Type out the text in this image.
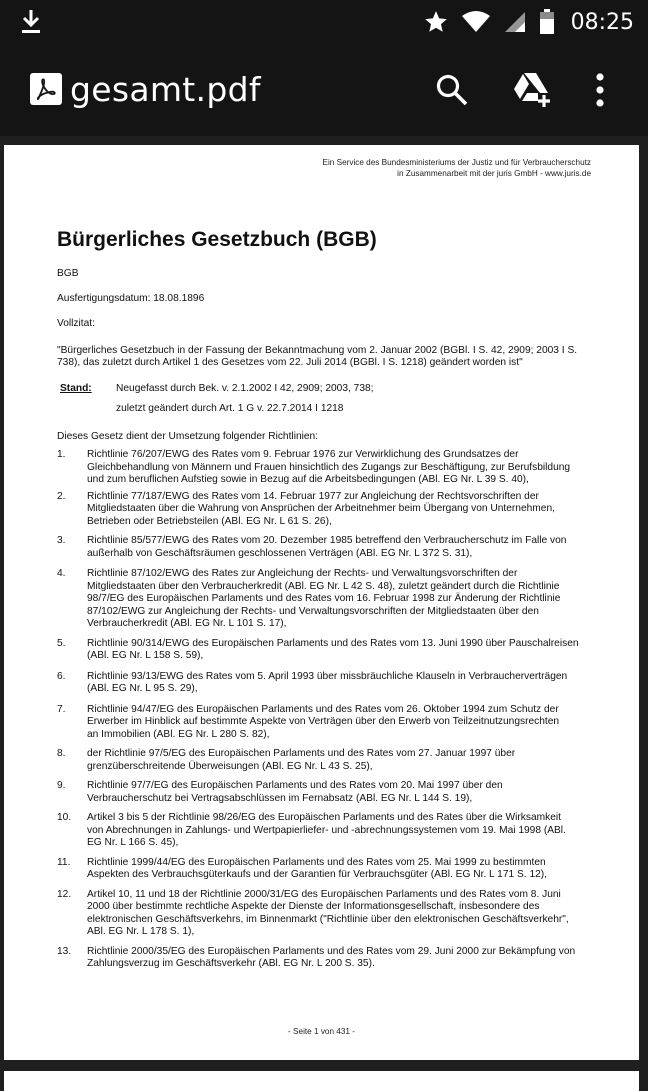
08:25
gesamt.pdf
Ein Service des Bundesministeriums der Justiz und für Verbraucherschutz
in Zusammenarbeit mit der juris GmbH - www.juris.de
Bürgerliches Gesetzbuch (BGB)
BGB
Ausfertigungsdatum: 18.08.1896
Vollzitat:
"Bürgerliches Gesetzbuch in der Fassung der Bekanntmachung vom 2. Januar 2002 (BGBl. I S. 42, 2909; 2003 I S.
738), das zuletzt durch Artikel 1 des Gesetzes vom 22. Juli 2014 (BGBl. I S. 1218) geändert worden ist"
Stand: Neugefasst durch Bek. v. 2.1.2002 I 42, 2909; 2003, 738;
zuletzt geändert durch Art. 1 G v. 22.7.2014 I 1218
Dieses Gesetz dient der Umsetzung folgender Richtlinien:
1. Richtlinie 76/207/EWG des Rates vom 9. Februar 1976 zur Verwirklichung des Grundsatzes der
Gleichbehandlung von Männern und Frauen hinsichtlich des Zugangs zur Beschäftigung, zur Berufsbildung
und zum beruflichen Aufstieg sowie in Bezug auf die Arbeitsbedingungen (ABl. EG Nr. L 39 S. 40),
2. Richtlinie 77/187/EWG des Rates vom 14. Februar 1977 zur Angleichung der Rechtsvorschriften der
Mitgliedstaaten über die Wahrung von Ansprüchen der Arbeitnehmer beim Übergang von Unternehmen,
Betrieben oder Betriebsteilen (ABl. EG Nr. L 61 S. 26),
3. Richtlinie 85/577/EWG des Rates vom 20. Dezember 1985 betreffend den Verbraucherschutz im Falle von
außerhalb von Geschäftsräumen geschlossenen Verträgen (ABl. EG Nr. L 372 S. 31),
4. Richtlinie 87/102/EWG des Rates zur Angleichung der Rechts- und Verwaltungsvorschriften der
Mitgliedstaaten über den Verbraucherkredit (ABl. EG Nr. L 42 S. 48), zuletzt geändert durch die Richtlinie
98/7/EG des Europäischen Parlaments und des Rates vom 16. Februar 1998 zur Änderung der Richtlinie
87/102/EWG zur Angleichung der Rechts- und Verwaltungsvorschriften der Mitgliedstaaten über den
Verbraucherkredit (ABl. EG Nr. L 101 S. 17),
5. Richtlinie 90/314/EWG des Europäischen Parlaments und des Rates vom 13. Juni 1990 über Pauschalreisen
(ABl. EG Nr. L 158 S. 59),
6. Richtlinie 93/13/EWG des Rates vom 5. April 1993 über missbräuchliche Klauseln in Verbraucherverträgen
(ABl. EG Nr. L 95 S. 29),
7. Richtlinie 94/47/EG des Europäischen Parlaments und des Rates vom 26. Oktober 1994 zum Schutz der
Erwerber im Hinblick auf bestimmte Aspekte von Verträgen über den Erwerb von Teilzeitnutzungsrechten
an Immobilien (ABl. EG Nr. L 280 S. 82),
8. der Richtlinie 97/5/EG des Europäischen Parlaments und des Rates vom 27. Januar 1997 über
grenzüberschreitende Überweisungen (ABl. EG Nr. L 43 S. 25),
9. Richtlinie 97/7/EG des Europäischen Parlaments und des Rates vom 20. Mai 1997 über den
Verbraucherschutz bei Vertragsabschlüssen im Fernabsatz (ABl. EG Nr. L 144 S. 19),
10. Artikel 3 bis 5 der Richtlinie 98/26/EG des Europäischen Parlaments und des Rates über die Wirksamkeit
von Abrechnungen in Zahlungs- und Wertpapierliefer- und -abrechnungssystemen vom 19. Mai 1998 (ABl.
EG Nr. L 166 S. 45),
11. Richtlinie 1999/44/EG des Europäischen Parlaments und des Rates vom 25. Mai 1999 zu bestimmten
Aspekten des Verbrauchsgüterkaufs und der Garantien für Verbrauchsgüter (ABl. EG Nr. L 171 S. 12),
12. Artikel 10, 11 und 18 der Richtlinie 2000/31/EG des Europäischen Parlaments und des Rates vom 8. Juni
2000 über bestimmte rechtliche Aspekte der Dienste der Informationsgesellschaft, insbesondere des
elektronischen Geschäftsverkehrs, im Binnenmarkt ("Richtlinie über den elektronischen Geschäftsverkehr",
ABl. EG Nr. L 178 S. 1),
13. Richtlinie 2000/35/EG des Europäischen Parlaments und des Rates vom 29. Juni 2000 zur Bekämpfung von
Zahlungsverzug im Geschäftsverkehr (ABl. EG Nr. L 200 S. 35).
- Seite 1 von 431 -
